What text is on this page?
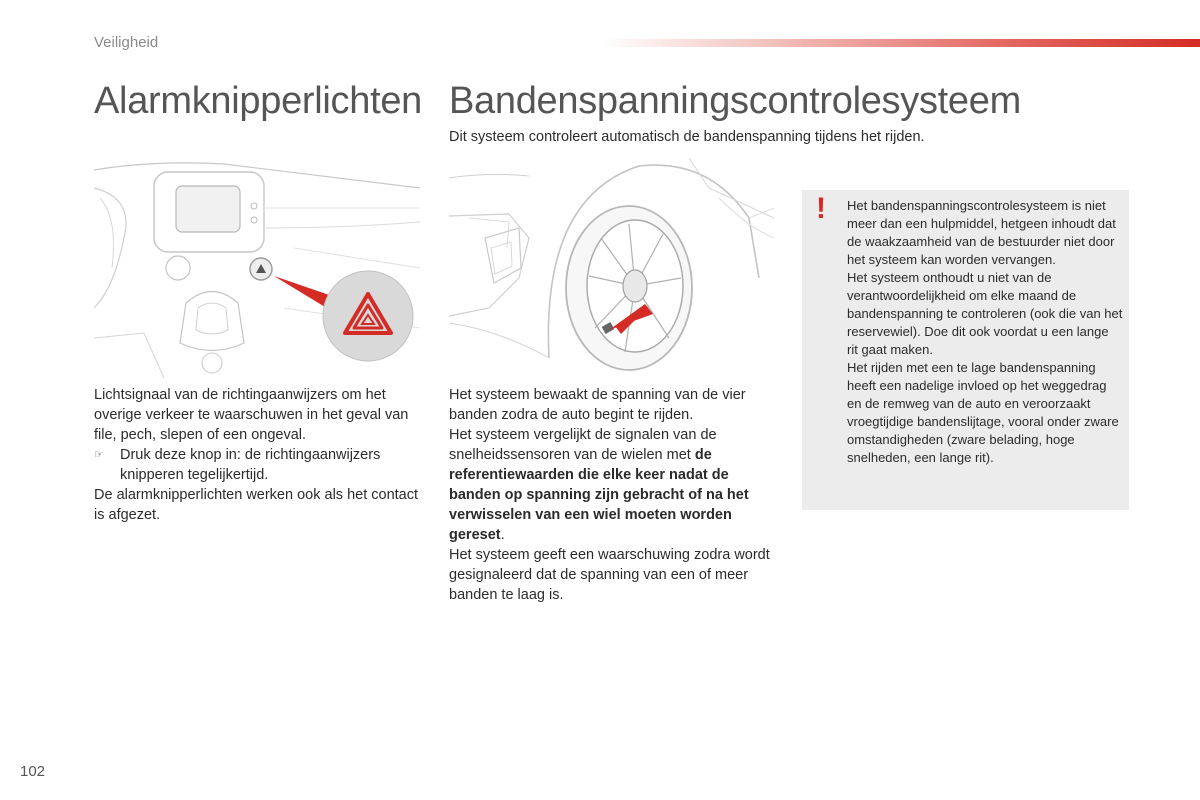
Veiligheid
Alarmknipperlichten Bandenspanningscontrolesysteem
Dit systeem controleert automatisch de bandenspanning tijdens het rijden.

Lichtsignaal van de richtingaanwijzers om het overige verkeer te waarschuwen in het geval van file, pech, slepen of een ongeval.

☞	Druk deze knop in: de richtingaanwijzers knipperen tegelijkertijd.

De alarmknipperlichten werken ook als het contact is afgezet.

Het systeem bewaakt de spanning van de vier banden zodra de auto begint te rijden.

Het systeem vergelijkt de signalen van de snelheidssensoren van de wielen met de referentiewaarden die elke keer nadat de banden op spanning zijn gebracht of na het verwisselen van een wiel moeten worden gereset.

Het systeem geeft een waarschuwing zodra wordt gesignaleerd dat de spanning van een of meer banden te laag is.

! Het bandenspanningscontrolesysteem is niet meer dan een hulpmiddel, hetgeen inhoudt dat de waakzaamheid van de bestuurder niet door het systeem kan worden vervangen.

Het systeem onthoudt u niet van de verantwoordelijkheid om elke maand de bandenspanning te controleren (ook die van het reservewiel). Doe dit ook voordat u een lange rit gaat maken.

Het rijden met een te lage bandenspanning heeft een nadelige invloed op het weggedrag en de remweg van de auto en veroorzaakt vroegtijdige bandenslijtage, vooral onder zware omstandigheden (zware belading, hoge snelheden, een lange rit).

102
